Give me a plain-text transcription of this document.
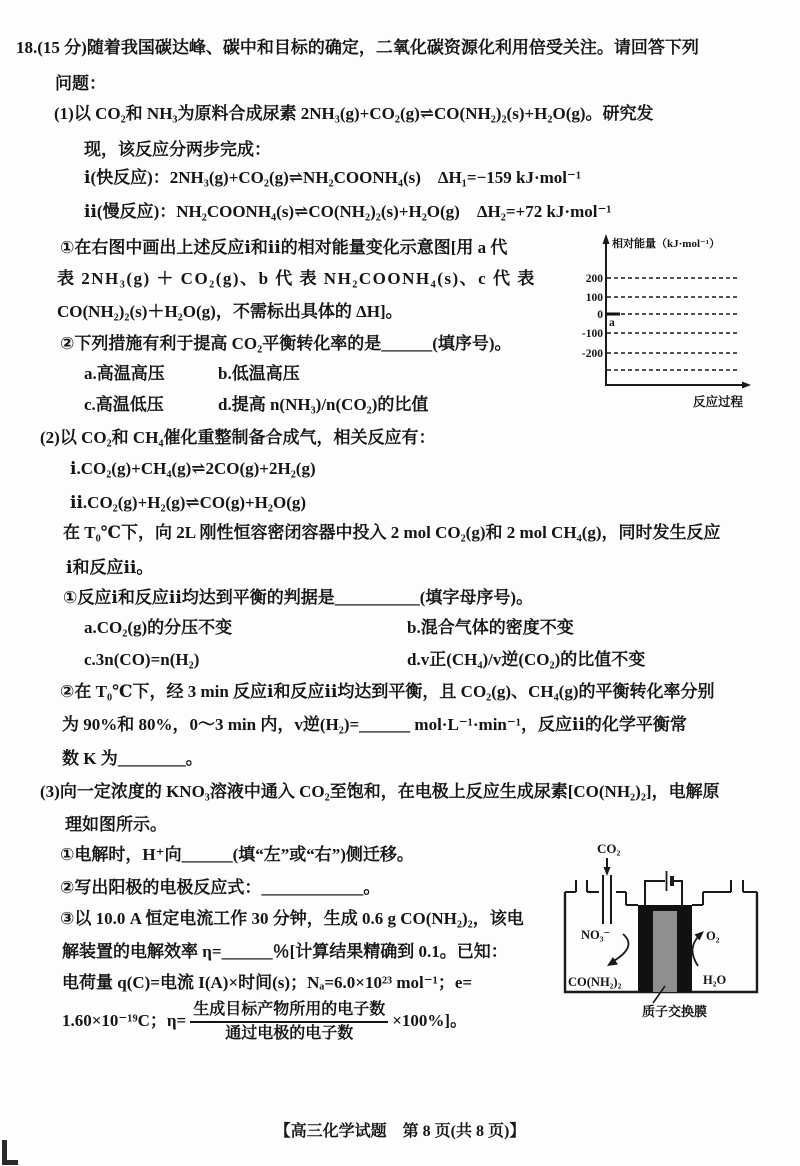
18.(15 分)随着我国碳达峰、碳中和目标的确定，二氧化碳资源化利用倍受关注。请回答下列
问题：
(1)以 CO₂和 NH₃为原料合成尿素 2NH₃(g)+CO₂(g)⇌CO(NH₂)₂(s)+H₂O(g)。研究发
现，该反应分两步完成：
ⅰ(快反应)：2NH₃(g)+CO₂(g)⇌NH₂COONH₄(s)　ΔH₁=−159 kJ·mol⁻¹
ⅱ(慢反应)：NH₂COONH₄(s)⇌CO(NH₂)₂(s)+H₂O(g)　ΔH₂=+72 kJ·mol⁻¹
①在右图中画出上述反应ⅰ和ⅱ的相对能量变化示意图[用 a 代
表 2NH₃(g) ＋ CO₂(g)、b 代 表 NH₂COONH₄(s)、c 代 表
CO(NH₂)₂(s)＋H₂O(g)，不需标出具体的 ΔH]。
②下列措施有利于提高 CO₂平衡转化率的是______(填序号)。
a.高温高压	b.低温高压
c.高温低压	d.提高 n(NH₃)/n(CO₂)的比值
相对能量（kJ·mol⁻¹）
200
100
0
-100
-200
a
反应过程
(2)以 CO₂和 CH₄催化重整制备合成气，相关反应有：
ⅰ.CO₂(g)+CH₄(g)⇌2CO(g)+2H₂(g)
ⅱ.CO₂(g)+H₂(g)⇌CO(g)+H₂O(g)
在 T₀℃下，向 2L 刚性恒容密闭容器中投入 2 mol CO₂(g)和 2 mol CH₄(g)，同时发生反应
ⅰ和反应ⅱ。
①反应ⅰ和反应ⅱ均达到平衡的判据是__________(填字母序号)。
a.CO₂(g)的分压不变	b.混合气体的密度不变
c.3n(CO)=n(H₂)	d.v正(CH₄)/v逆(CO₂)的比值不变
②在 T₀℃下，经 3 min 反应ⅰ和反应ⅱ均达到平衡，且 CO₂(g)、CH₄(g)的平衡转化率分别
为 90%和 80%，0～3 min 内，v逆(H₂)=______ mol·L⁻¹·min⁻¹，反应ⅱ的化学平衡常
数 K 为________。
(3)向一定浓度的 KNO₃溶液中通入 CO₂至饱和，在电极上反应生成尿素[CO(NH₂)₂]，电解原
理如图所示。
①电解时，H⁺向______(填“左”或“右”)侧迁移。
②写出阳极的电极反应式：____________。
③以 10.0 A 恒定电流工作 30 分钟，生成 0.6 g CO(NH₂)₂，该电
解装置的电解效率 η=______％[计算结果精确到 0.1。已知：
电荷量 q(C)=电流 I(A)×时间(s)；Nₐ=6.0×10²³ mol⁻¹；e=
1.60×10⁻¹⁹C；$\eta= \frac{\text{生成目标产物所用的电子数}}{\text{通过电极的电子数}} \times 100\%$]。
CO₂
NO₃⁻
CO(NH₂)₂
O₂
H₂O
质子交换膜
【高三化学试题　第 8 页(共 8 页)】
